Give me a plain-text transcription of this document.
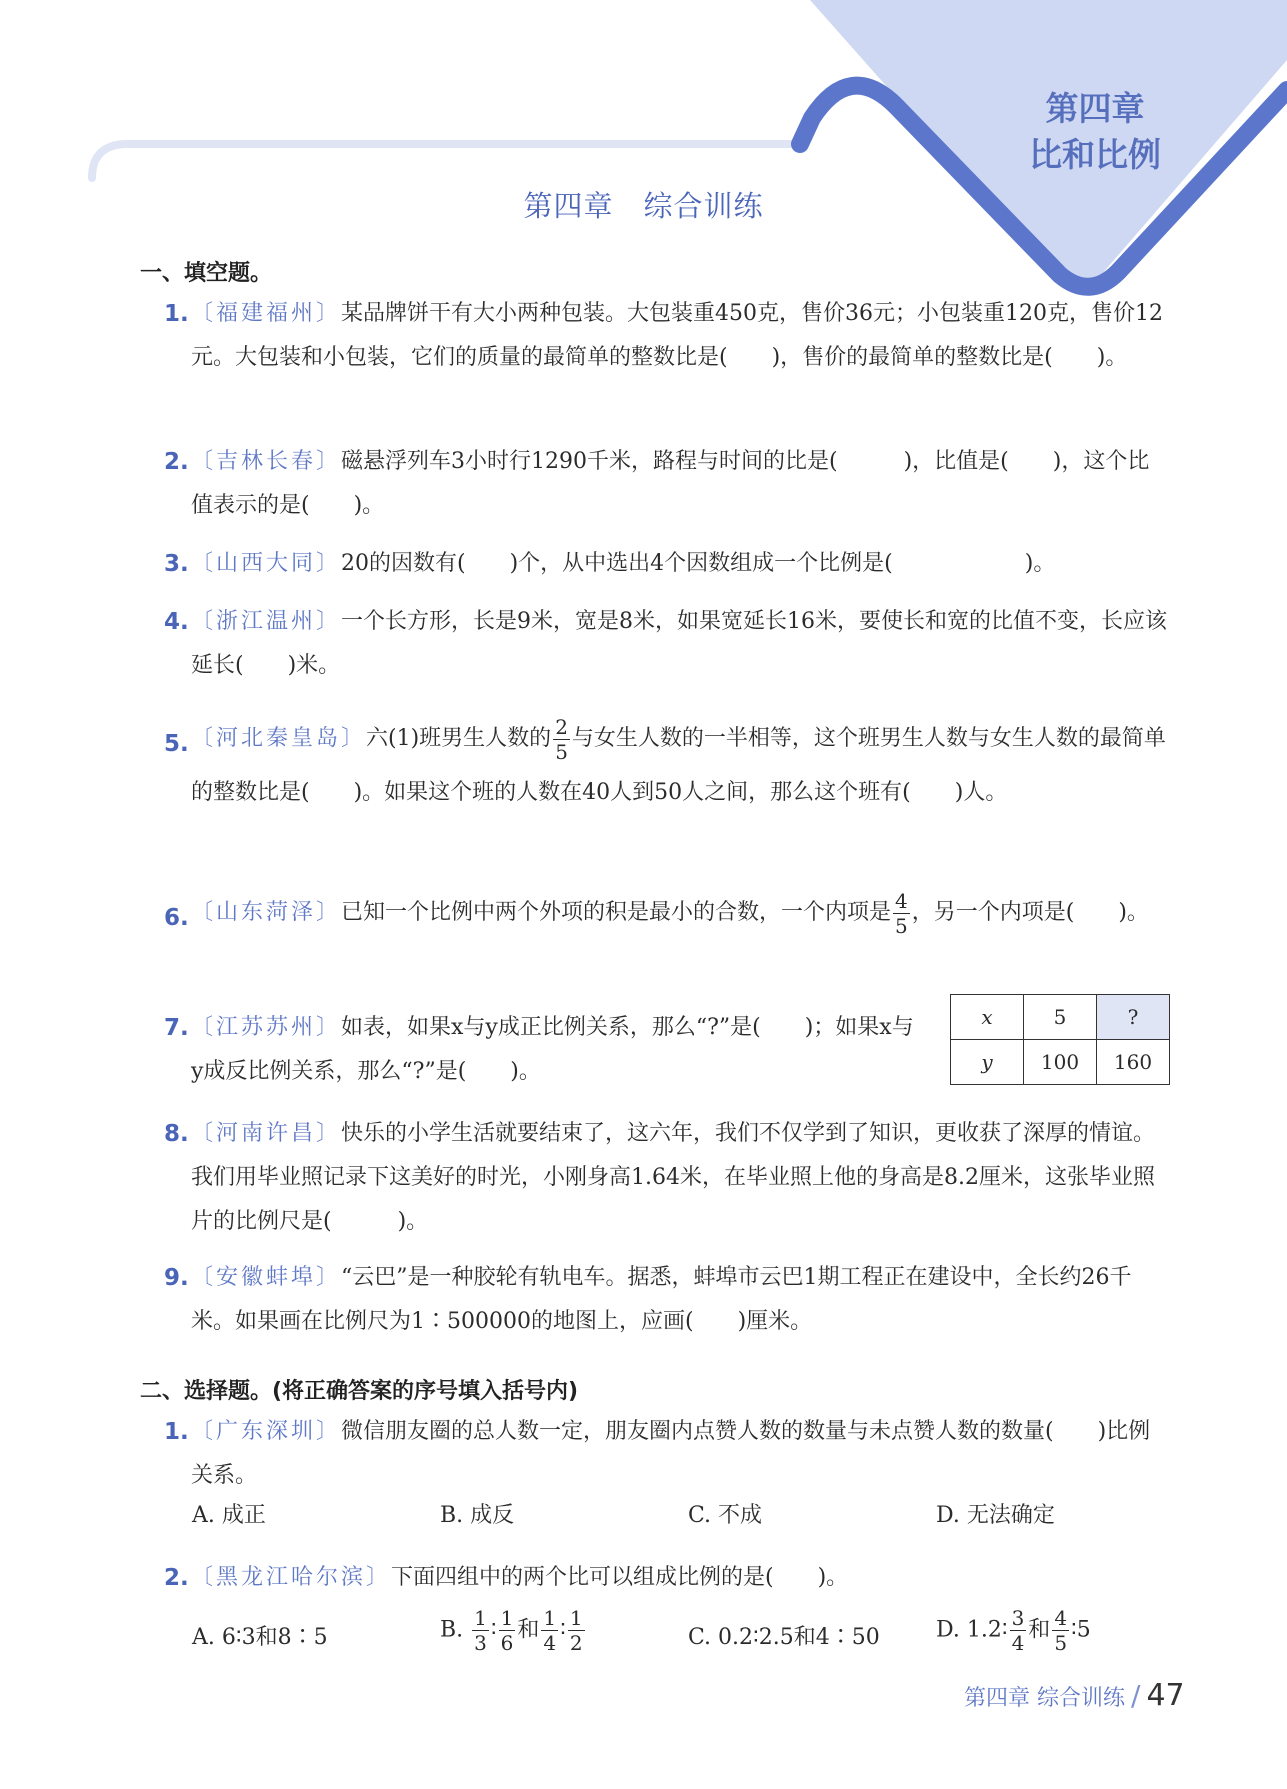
第四章
比和比例
第四章 综合训练
一、填空题。
1. 〔福建福州〕某品牌饼干有大小两种包装。大包装重450克，售价36元；小包装重120克，售价12元。大包装和小包装，它们的质量的最简单的整数比是(　　)，售价的最简单的整数比是(　　)。
2. 〔吉林长春〕磁悬浮列车3小时行1290千米，路程与时间的比是(　　　)，比值是(　　)，这个比值表示的是(　　)。
3. 〔山西大同〕20的因数有(　　)个，从中选出4个因数组成一个比例是(　　　　　　)。
4. 〔浙江温州〕一个长方形，长是9米，宽是8米，如果宽延长16米，要使长和宽的比值不变，长应该延长(　　)米。
5. 〔河北秦皇岛〕六(1)班男生人数的 $\frac{2}{5}$ 与女生人数的一半相等，这个班男生人数与女生人数的最简单的整数比是(　　)。如果这个班的人数在40人到50人之间，那么这个班有(　　)人。
6. 〔山东菏泽〕已知一个比例中两个外项的积是最小的合数，一个内项是 $\frac{4}{5}$ ，另一个内项是(　　)。
7. 〔江苏苏州〕如表，如果x与y成正比例关系，那么“?”是(　　)；如果x与y成反比例关系，那么“?”是(　　)。
x	5	?
y	100	160
8. 〔河南许昌〕快乐的小学生活就要结束了，这六年，我们不仅学到了知识，更收获了深厚的情谊。我们用毕业照记录下这美好的时光，小刚身高1.64米，在毕业照上他的身高是8.2厘米，这张毕业照片的比例尺是(　　　)。
9. 〔安徽蚌埠〕“云巴”是一种胶轮有轨电车。据悉，蚌埠市云巴1期工程正在建设中，全长约26千米。如果画在比例尺为1∶500000的地图上，应画(　　)厘米。
二、选择题。(将正确答案的序号填入括号内)
1. 〔广东深圳〕微信朋友圈的总人数一定，朋友圈内点赞人数的数量与未点赞人数的数量(　　)比例关系。
A. 成正	B. 成反	C. 不成	D. 无法确定
2. 〔黑龙江哈尔滨〕下面四组中的两个比可以组成比例的是(　　)。
A. 6∶3和8∶5	B. $\frac{1}{3}$ ∶ $\frac{1}{6}$ 和 $\frac{1}{4}$ ∶ $\frac{1}{2}$	C. 0.2∶2.5和4∶50	D. 1.2∶ $\frac{3}{4}$ 和 $\frac{4}{5}$ ∶5
第四章 综合训练 / 47
